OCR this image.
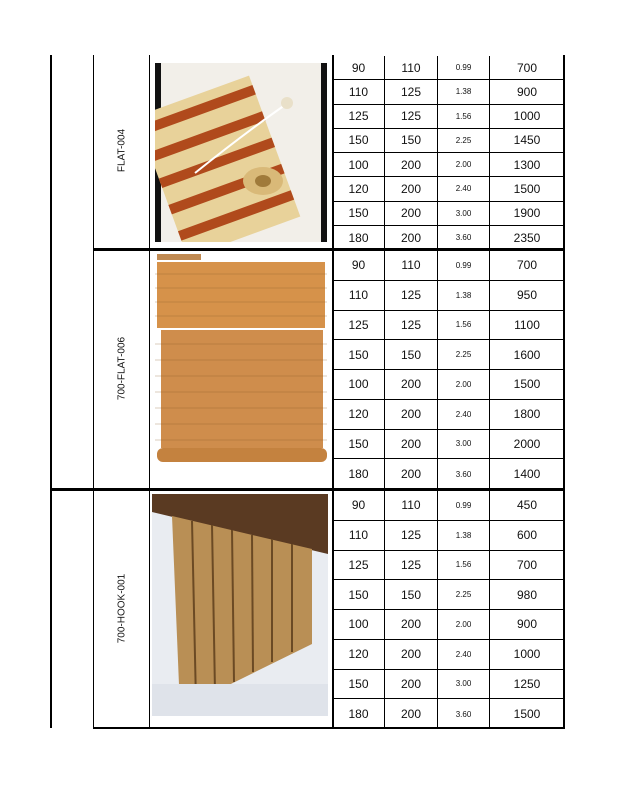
FLAT-004
700-FLAT-006
700-HOOK-001
90	110	0.99	700
110	125	1.38	900
125	125	1.56	1000
150	150	2.25	1450
100	200	2.00	1300
120	200	2.40	1500
150	200	3.00	1900
180	200	3.60	2350
90	110	0.99	700
110	125	1.38	950
125	125	1.56	1100
150	150	2.25	1600
100	200	2.00	1500
120	200	2.40	1800
150	200	3.00	2000
180	200	3.60	1400
90	110	0.99	450
110	125	1.38	600
125	125	1.56	700
150	150	2.25	980
100	200	2.00	900
120	200	2.40	1000
150	200	3.00	1250
180	200	3.60	1500
